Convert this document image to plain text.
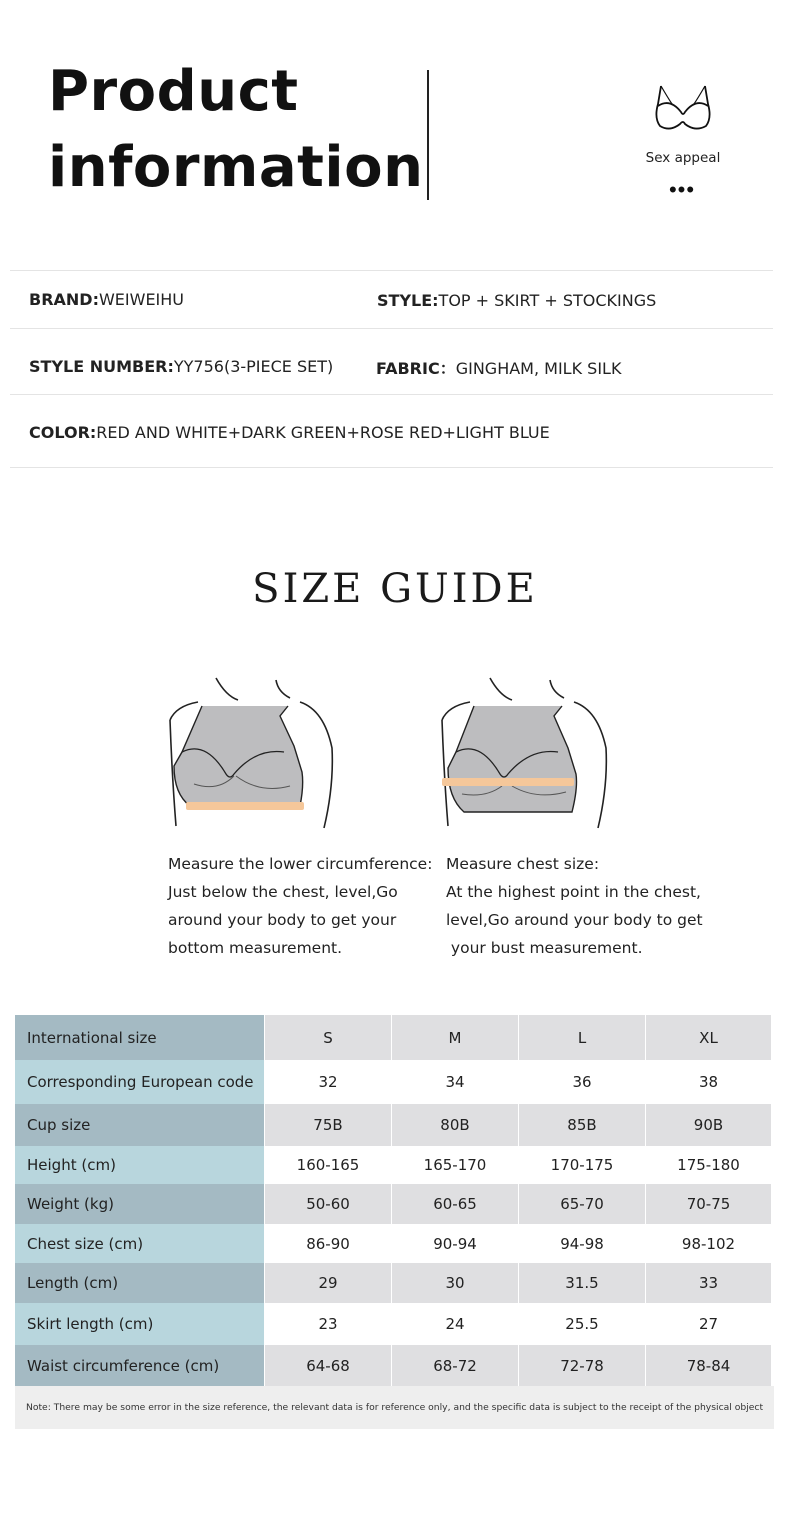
Product
information	Sex appeal
•••
BRAND:WEIWEIHU	STYLE:TOP + SKIRT + STOCKINGS
STYLE NUMBER:YY756(3-PIECE SET)	FABRIC：GINGHAM, MILK SILK
COLOR:RED AND WHITE+DARK GREEN+ROSE RED+LIGHT BLUE
SIZE GUIDE
Measure the lower circumference:
Just below the chest, level,Go
around your body to get your
bottom measurement.
Measure chest size:
At the highest point in the chest,
level,Go around your body to get
your bust measurement.
International size	S	M	L	XL
Corresponding European code	32	34	36	38
Cup size	75B	80B	85B	90B
Height (cm)	160-165	165-170	170-175	175-180
Weight (kg)	50-60	60-65	65-70	70-75
Chest size (cm)	86-90	90-94	94-98	98-102
Length (cm)	29	30	31.5	33
Skirt length (cm)	23	24	25.5	27
Waist circumference (cm)	64-68	68-72	72-78	78-84
Note: There may be some error in the size reference, the relevant data is for reference only, and the specific data is subject to the receipt of the physical object
